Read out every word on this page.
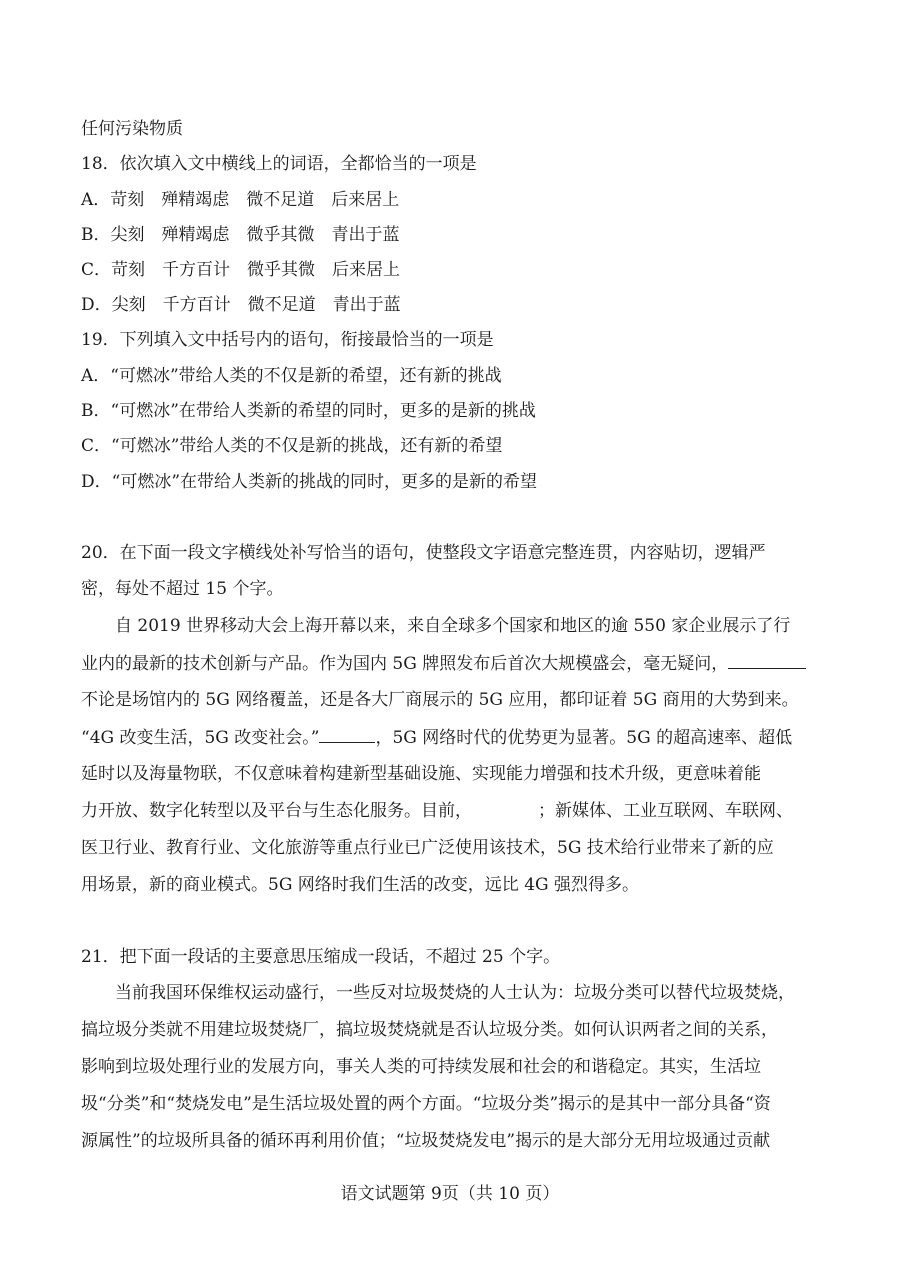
任何污染物质
18．依次填入文中横线上的词语，全都恰当的一项是
A．苛刻　殚精竭虑　微不足道　后来居上
B．尖刻　殚精竭虑　微乎其微　青出于蓝
C．苛刻　千方百计　微乎其微　后来居上
D．尖刻　千方百计　微不足道　青出于蓝
19．下列填入文中括号内的语句，衔接最恰当的一项是
A．“可燃冰”带给人类的不仅是新的希望，还有新的挑战
B．“可燃冰”在带给人类新的希望的同时，更多的是新的挑战
C．“可燃冰”带给人类的不仅是新的挑战，还有新的希望
D．“可燃冰”在带给人类新的挑战的同时，更多的是新的希望
20．在下面一段文字横线处补写恰当的语句，使整段文字语意完整连贯，内容贴切，逻辑严
密，每处不超过 15 个字。
自 2019 世界移动大会上海开幕以来，来自全球多个国家和地区的逾 550 家企业展示了行
业内的最新的技术创新与产品。作为国内 5G 牌照发布后首次大规模盛会，毫无疑问，
不论是场馆内的 5G 网络覆盖，还是各大厂商展示的 5G 应用，都印证着 5G 商用的大势到来。
“4G 改变生活，5G 改变社会。”	，5G 网络时代的优势更为显著。5G 的超高速率、超低
延时以及海量物联，不仅意味着构建新型基础设施、实现能力增强和技术升级，更意味着能
力开放、数字化转型以及平台与生态化服务。目前，	；新媒体、工业互联网、车联网、
医卫行业、教育行业、文化旅游等重点行业已广泛使用该技术，5G 技术给行业带来了新的应
用场景，新的商业模式。5G 网络时我们生活的改变，远比 4G 强烈得多。
21．把下面一段话的主要意思压缩成一段话，不超过 25 个字。
当前我国环保维权运动盛行，一些反对垃圾焚烧的人士认为：垃圾分类可以替代垃圾焚烧，
搞垃圾分类就不用建垃圾焚烧厂，搞垃圾焚烧就是否认垃圾分类。如何认识两者之间的关系，
影响到垃圾处理行业的发展方向，事关人类的可持续发展和社会的和谐稳定。其实，生活垃
圾“分类”和“焚烧发电”是生活垃圾处置的两个方面。“垃圾分类”揭示的是其中一部分具备“资
源属性”的垃圾所具备的循环再利用价值；“垃圾焚烧发电”揭示的是大部分无用垃圾通过贡献
语文试题第 9页（共 10 页）
